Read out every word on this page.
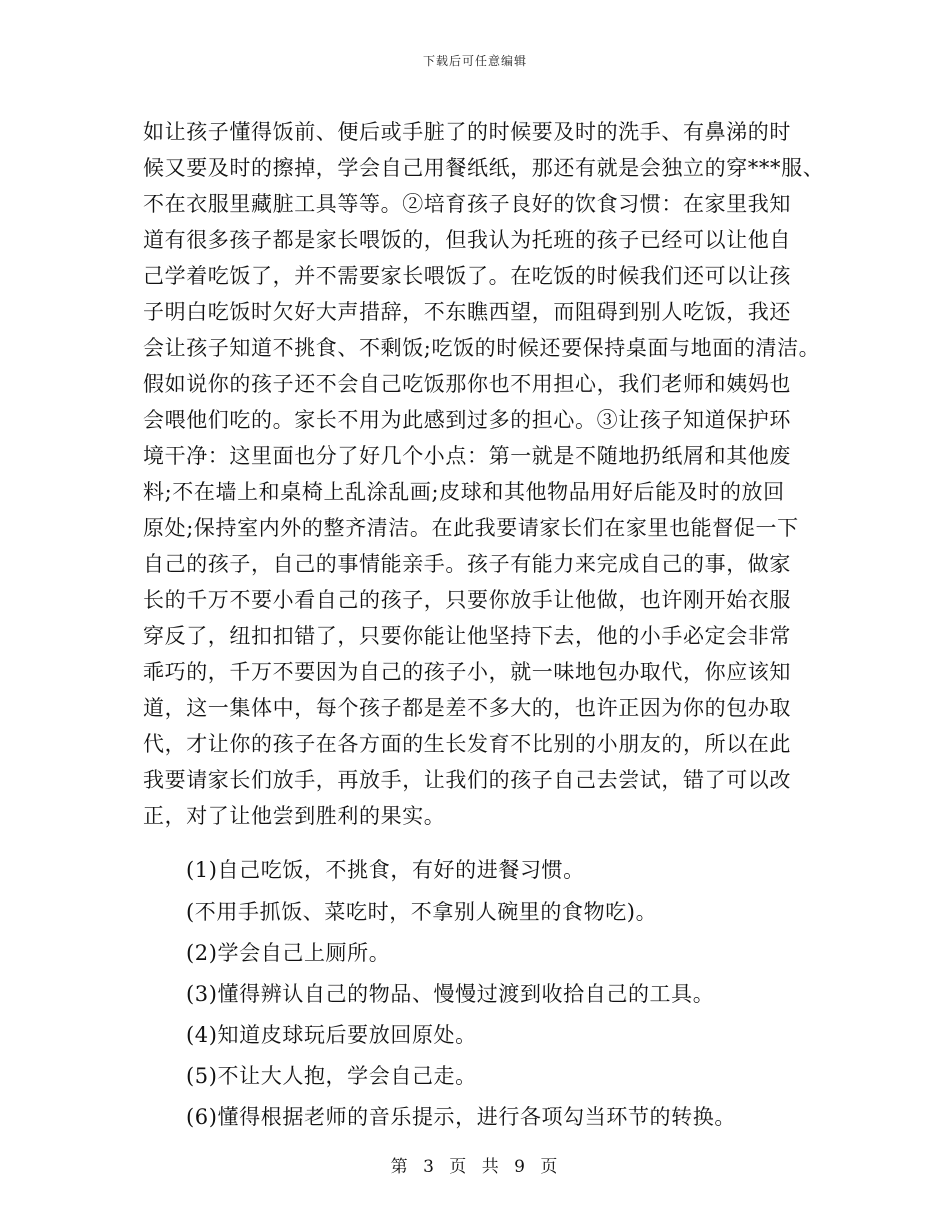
下载后可任意编辑
如让孩子懂得饭前、便后或手脏了的时候要及时的洗手、有鼻涕的时
候又要及时的擦掉，学会自己用餐纸纸，那还有就是会独立的穿***服、
不在衣服里藏脏工具等等。②培育孩子良好的饮食习惯：在家里我知
道有很多孩子都是家长喂饭的，但我认为托班的孩子已经可以让他自
己学着吃饭了，并不需要家长喂饭了。在吃饭的时候我们还可以让孩
子明白吃饭时欠好大声措辞，不东瞧西望，而阻碍到别人吃饭，我还
会让孩子知道不挑食、不剩饭;吃饭的时候还要保持桌面与地面的清洁。
假如说你的孩子还不会自己吃饭那你也不用担心，我们老师和姨妈也
会喂他们吃的。家长不用为此感到过多的担心。③让孩子知道保护环
境干净：这里面也分了好几个小点：第一就是不随地扔纸屑和其他废
料;不在墙上和桌椅上乱涂乱画;皮球和其他物品用好后能及时的放回
原处;保持室内外的整齐清洁。在此我要请家长们在家里也能督促一下
自己的孩子，自己的事情能亲手。孩子有能力来完成自己的事，做家
长的千万不要小看自己的孩子，只要你放手让他做，也许刚开始衣服
穿反了，纽扣扣错了，只要你能让他坚持下去，他的小手必定会非常
乖巧的，千万不要因为自己的孩子小，就一味地包办取代，你应该知
道，这一集体中，每个孩子都是差不多大的，也许正因为你的包办取
代，才让你的孩子在各方面的生长发育不比别的小朋友的，所以在此
我要请家长们放手，再放手，让我们的孩子自己去尝试，错了可以改
正，对了让他尝到胜利的果实。
(1)自己吃饭，不挑食，有好的进餐习惯。
(不用手抓饭、菜吃时，不拿别人碗里的食物吃)。
(2)学会自己上厕所。
(3)懂得辨认自己的物品、慢慢过渡到收拾自己的工具。
(4)知道皮球玩后要放回原处。
(5)不让大人抱，学会自己走。
(6)懂得根据老师的音乐提示，进行各项勾当环节的转换。
第 3 页 共 9 页
